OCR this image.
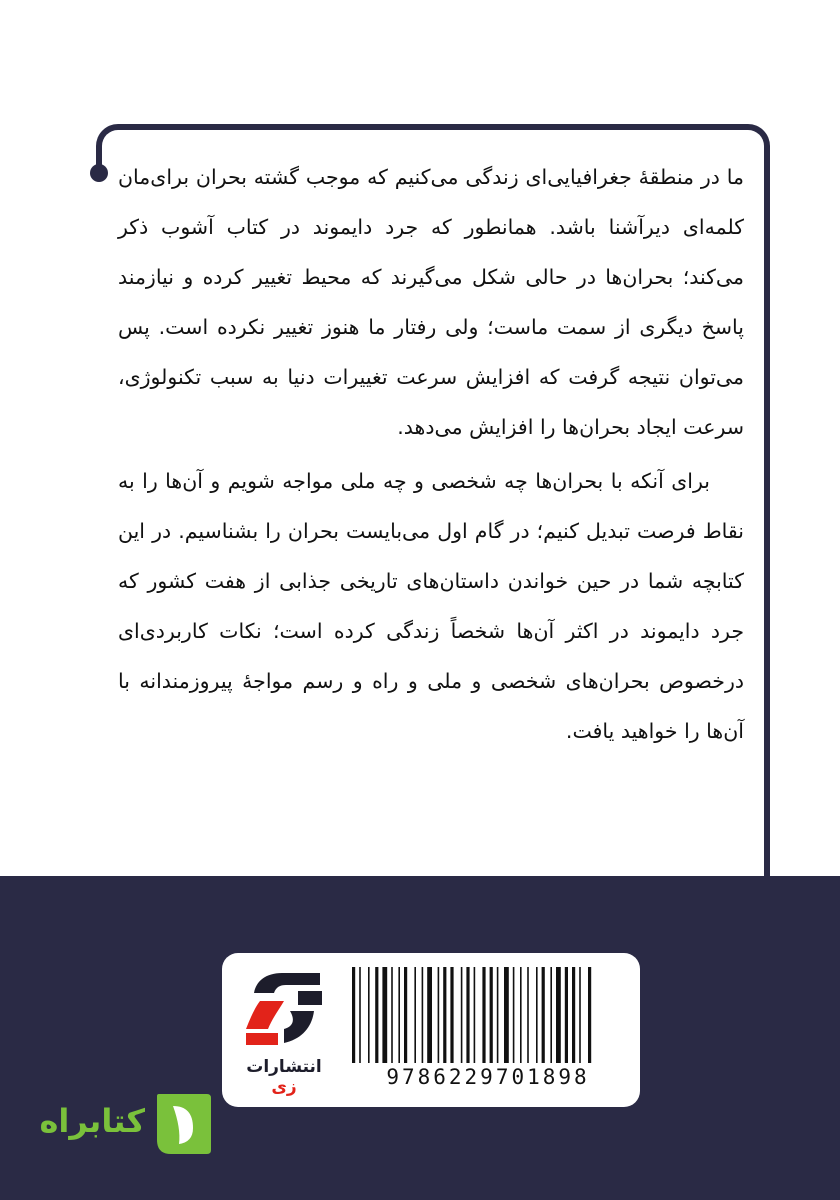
ما در منطقهٔ جغرافیایی‌ای زندگی می‌کنیم که موجب گشته بحران برای‌مان کلمه‌ای دیرآشنا باشد. همانطور که جرد دایموند در کتاب آشوب ذکر می‌کند؛ بحران‌ها در حالی شکل می‌گیرند که محیط تغییر کرده و نیازمند پاسخ دیگری از سمت ماست؛ ولی رفتار ما هنوز تغییر نکرده است. پس می‌توان نتیجه گرفت که افزایش سرعت تغییرات دنیا به سبب تکنولوژی، سرعت ایجاد بحران‌ها را افزایش می‌دهد.

برای آنکه با بحران‌ها چه شخصی و چه ملی مواجه شویم و آن‌ها را به نقاط فرصت تبدیل کنیم؛ در گام اول می‌بایست بحران را بشناسیم. در این کتابچه شما در حین خواندن داستان‌های تاریخی جذابی از هفت کشور که جرد دایموند در اکثر آن‌ها شخصاً زندگی کرده است؛ نکات کاربردی‌ای درخصوص بحران‌های شخصی و ملی و راه و رسم مواجهٔ پیروزمندانه با آن‌ها را خواهید یافت.

انتشارات زی	9786229701898
کتابراه
